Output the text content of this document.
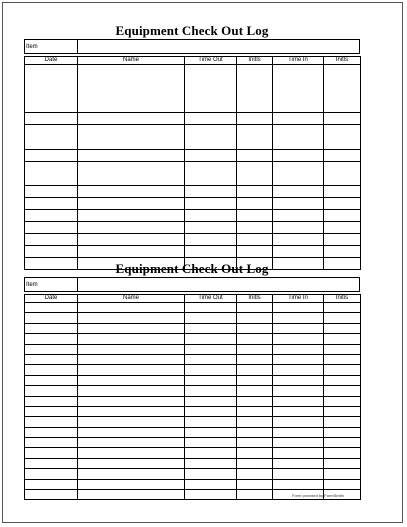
Equipment Check Out Log
Item	
Date	Name	Time Out	Initls	Time In	Initls

Equipment Check Out Log
Item	
Date	Name	Time Out	Initls	Time In	Initls

Form provided by FormSmith
